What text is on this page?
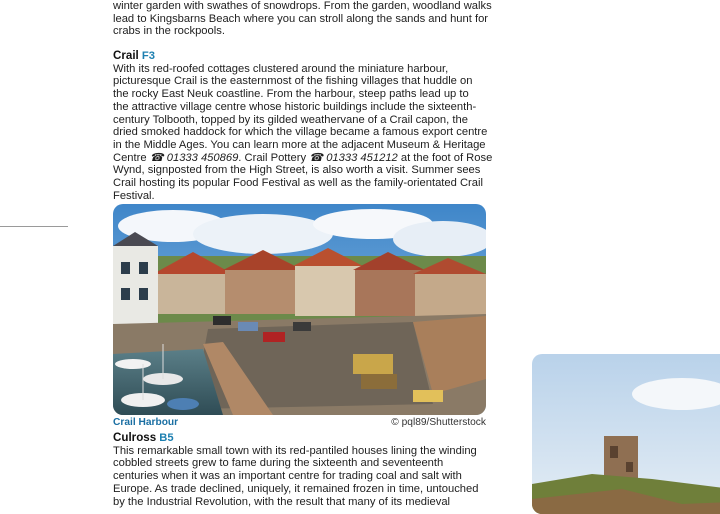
winter garden with swathes of snowdrops. From the garden, woodland walks
lead to Kingsbarns Beach where you can stroll along the sands and hunt for
crabs in the rockpools.
Crail F3
With its red-roofed cottages clustered around the miniature harbour,
picturesque Crail is the easternmost of the fishing villages that huddle on
the rocky East Neuk coastline. From the harbour, steep paths lead up to
the attractive village centre whose historic buildings include the sixteenth-
century Tolbooth, topped by its gilded weathervane of a Crail capon, the
dried smoked haddock for which the village became a famous export centre
in the Middle Ages. You can learn more at the adjacent Museum & Heritage
Centre ☎ 01333 450869. Crail Pottery ☎ 01333 451212 at the foot of Rose
Wynd, signposted from the High Street, is also worth a visit. Summer sees
Crail hosting its popular Food Festival as well as the family-orientated Crail
Festival.
Crail Harbour	© pql89/Shutterstock
Culross B5
This remarkable small town with its red-pantiled houses lining the winding
cobbled streets grew to fame during the sixteenth and seventeenth
centuries when it was an important centre for trading coal and salt with
Europe. As trade declined, uniquely, it remained frozen in time, untouched
by the Industrial Revolution, with the result that many of its medieval
